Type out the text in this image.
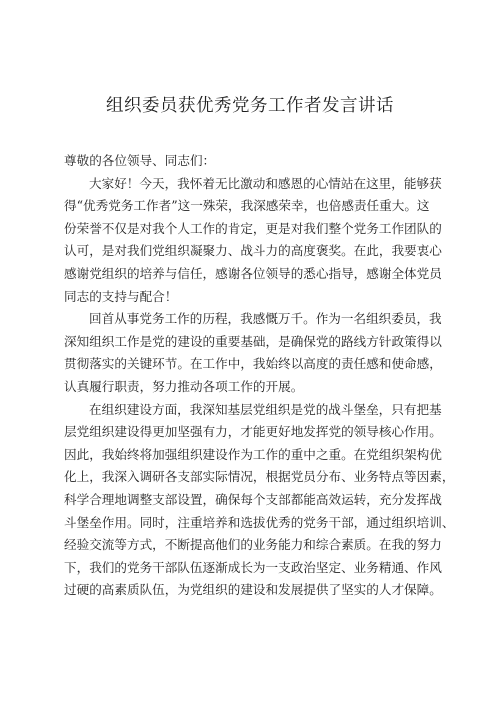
组织委员获优秀党务工作者发言讲话
尊敬的各位领导、同志们：
大家好！今天，我怀着无比激动和感恩的心情站在这里，能够获
得“优秀党务工作者”这一殊荣，我深感荣幸，也倍感责任重大。这
份荣誉不仅是对我个人工作的肯定，更是对我们整个党务工作团队的
认可，是对我们党组织凝聚力、战斗力的高度褒奖。在此，我要衷心
感谢党组织的培养与信任，感谢各位领导的悉心指导，感谢全体党员
同志的支持与配合！
回首从事党务工作的历程，我感慨万千。作为一名组织委员，我
深知组织工作是党的建设的重要基础，是确保党的路线方针政策得以
贯彻落实的关键环节。在工作中，我始终以高度的责任感和使命感，
认真履行职责，努力推动各项工作的开展。
在组织建设方面，我深知基层党组织是党的战斗堡垒，只有把基
层党组织建设得更加坚强有力，才能更好地发挥党的领导核心作用。
因此，我始终将加强组织建设作为工作的重中之重。在党组织架构优
化上，我深入调研各支部实际情况，根据党员分布、业务特点等因素，
科学合理地调整支部设置，确保每个支部都能高效运转，充分发挥战
斗堡垒作用。同时，注重培养和选拔优秀的党务干部，通过组织培训、
经验交流等方式，不断提高他们的业务能力和综合素质。在我的努力
下，我们的党务干部队伍逐渐成长为一支政治坚定、业务精通、作风
过硬的高素质队伍，为党组织的建设和发展提供了坚实的人才保障。
